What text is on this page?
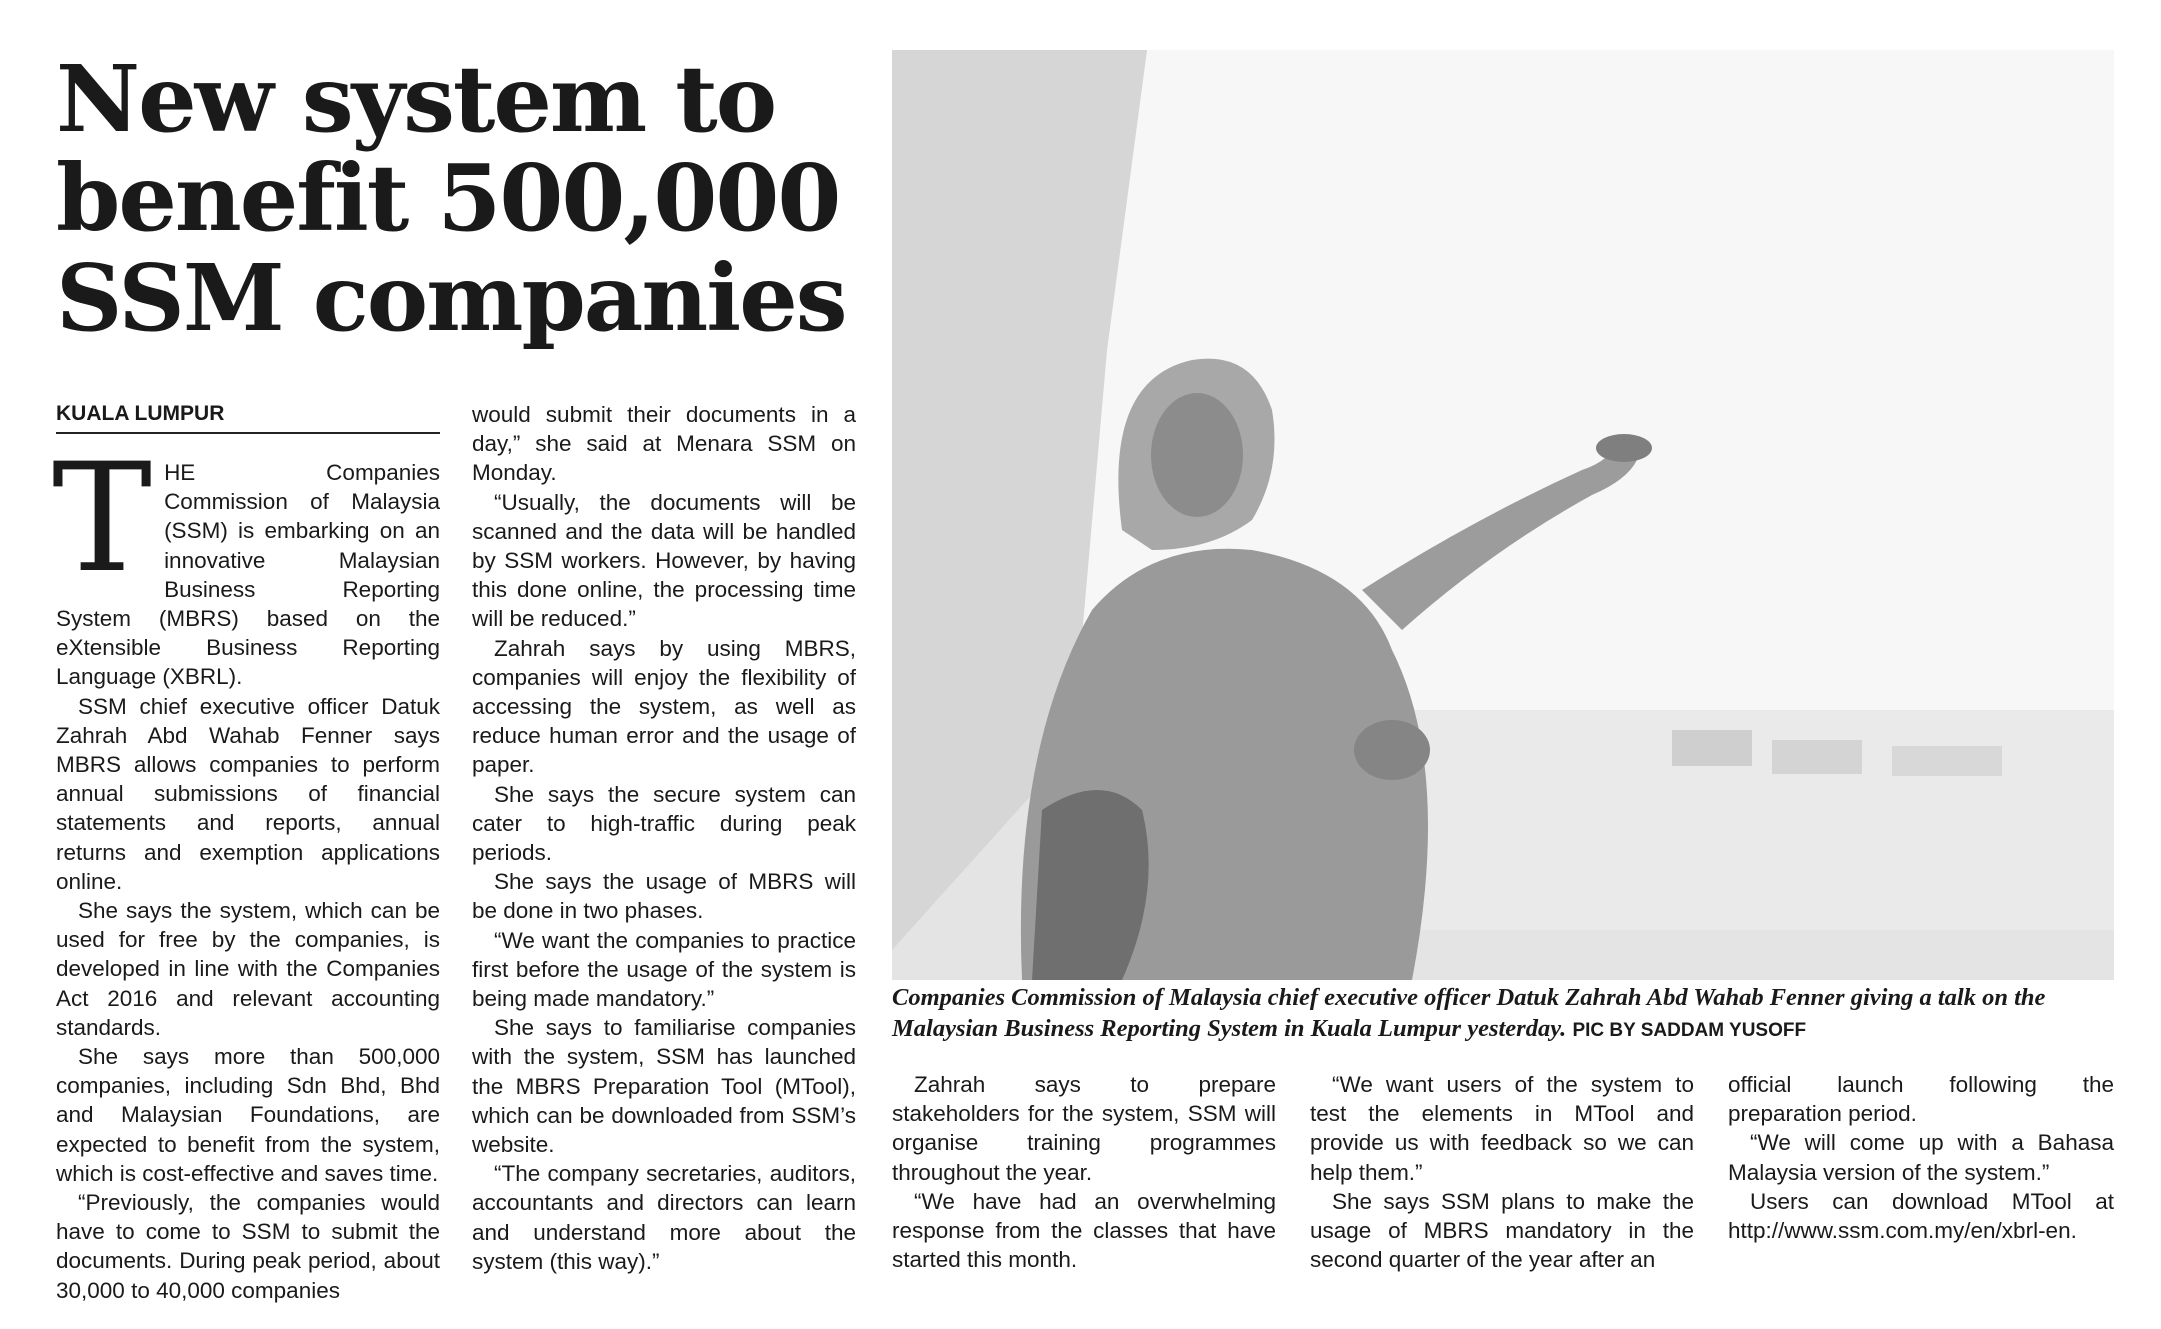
New system to
benefit 500,000
SSM companies
KUALA LUMPUR

THE Companies Commission of Malaysia (SSM) is embarking on an innovative Malaysian Business Reporting System (MBRS) based on the eXtensible Business Reporting Language (XBRL).

SSM chief executive officer Datuk Zahrah Abd Wahab Fenner says MBRS allows companies to perform annual submissions of financial statements and reports, annual returns and exemption applications online.

She says the system, which can be used for free by the companies, is developed in line with the Companies Act 2016 and relevant accounting standards.

She says more than 500,000 companies, including Sdn Bhd, Bhd and Malaysian Foundations, are expected to benefit from the system, which is cost-effective and saves time.

“Previously, the companies would have to come to SSM to submit the documents. During peak period, about 30,000 to 40,000 companies

would submit their documents in a day,” she said at Menara SSM on Monday.

“Usually, the documents will be scanned and the data will be handled by SSM workers. However, by having this done online, the processing time will be reduced.”

Zahrah says by using MBRS, companies will enjoy the flexibility of accessing the system, as well as reduce human error and the usage of paper.

She says the secure system can cater to high-traffic during peak periods.

She says the usage of MBRS will be done in two phases.

“We want the companies to practice first before the usage of the system is being made mandatory.”

She says to familiarise companies with the system, SSM has launched the MBRS Preparation Tool (MTool), which can be downloaded from SSM’s website.

“The company secretaries, auditors, accountants and directors can learn and understand more about the system (this way).”

Companies Commission of Malaysia chief executive officer Datuk Zahrah Abd Wahab Fenner giving a talk on the Malaysian Business Reporting System in Kuala Lumpur yesterday. PIC BY SADDAM YUSOFF

Zahrah says to prepare stakeholders for the system, SSM will organise training programmes throughout the year.

“We have had an overwhelming response from the classes that have started this month.

“We want users of the system to test the elements in MTool and provide us with feedback so we can help them.”

She says SSM plans to make the usage of MBRS mandatory in the second quarter of the year after an

official launch following the preparation period.

“We will come up with a Bahasa Malaysia version of the system.”

Users can download MTool at http://www.ssm.com.my/en/xbrl-en.
